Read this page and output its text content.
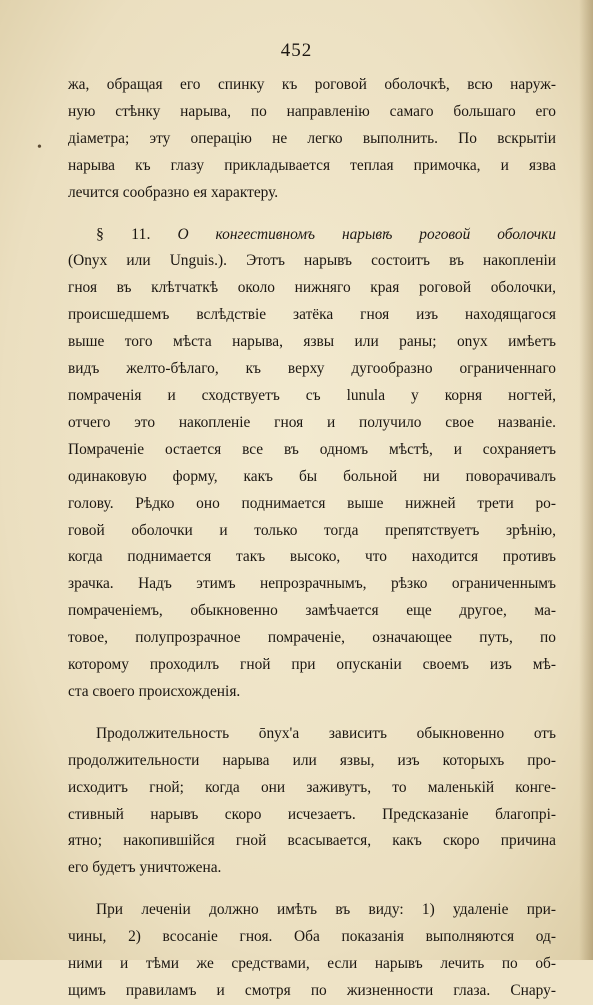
452
•
жа, обращая его спинку къ роговой оболочкѣ, всю наруж-
ную стѣнку нарыва, по направленію самаго большаго его
діаметра; эту операцію не легко выполнить. По вскрытіи
нарыва къ глазу прикладывается теплая примочка, и язва
лечится сообразно ея характеру.
§ 11. О конгестивномъ нарывѣ роговой оболочки
(Onyx или Unguis.). Этотъ нарывъ состоитъ въ накопленіи
гноя въ клѣтчаткѣ около нижняго края роговой оболочки,
происшедшемъ вслѣдствіе затёка гноя изъ находящагося
выше того мѣста нарыва, язвы или раны; onyx имѣетъ
видъ желто-бѣлаго, къ верху дугообразно ограниченнаго
помраченія и сходствуетъ съ lunula у корня ногтей,
отчего это накопленіе гноя и получило свое названіе.
Помраченіе остается все въ одномъ мѣстѣ, и сохраняетъ
одинаковую форму, какъ бы больной ни поворачивалъ
голову. Рѣдко оно поднимается выше нижней трети ро-
говой оболочки и только тогда препятствуетъ зрѣнію,
когда поднимается такъ высоко, что находится противъ
зрачка. Надъ этимъ непрозрачнымъ, рѣзко ограниченнымъ
помраченіемъ, обыкновенно замѣчается еще другое, ма-
товое, полупрозрачное помраченіе, означающее путь, по
которому проходилъ гной при опусканіи своемъ изъ мѣ-
ста своего происхожденія.
Продолжительность ōnyx'а зависитъ обыкновенно отъ
продолжительности нарыва или язвы, изъ которыхъ про-
исходитъ гной; когда они заживутъ, то маленькій конге-
стивный нарывъ скоро исчезаетъ. Предсказаніе благопрі-
ятно; накопившійся гной всасывается, какъ скоро причина
его будетъ уничтожена.
При леченіи должно имѣть въ виду: 1) удаленіе при-
чины, 2) всосаніе гноя. Оба показанія выполняются од-
ними и тѣми же средствами, если нарывъ лечить по об-
щимъ правиламъ и смотря по жизненности глаза. Снару-
